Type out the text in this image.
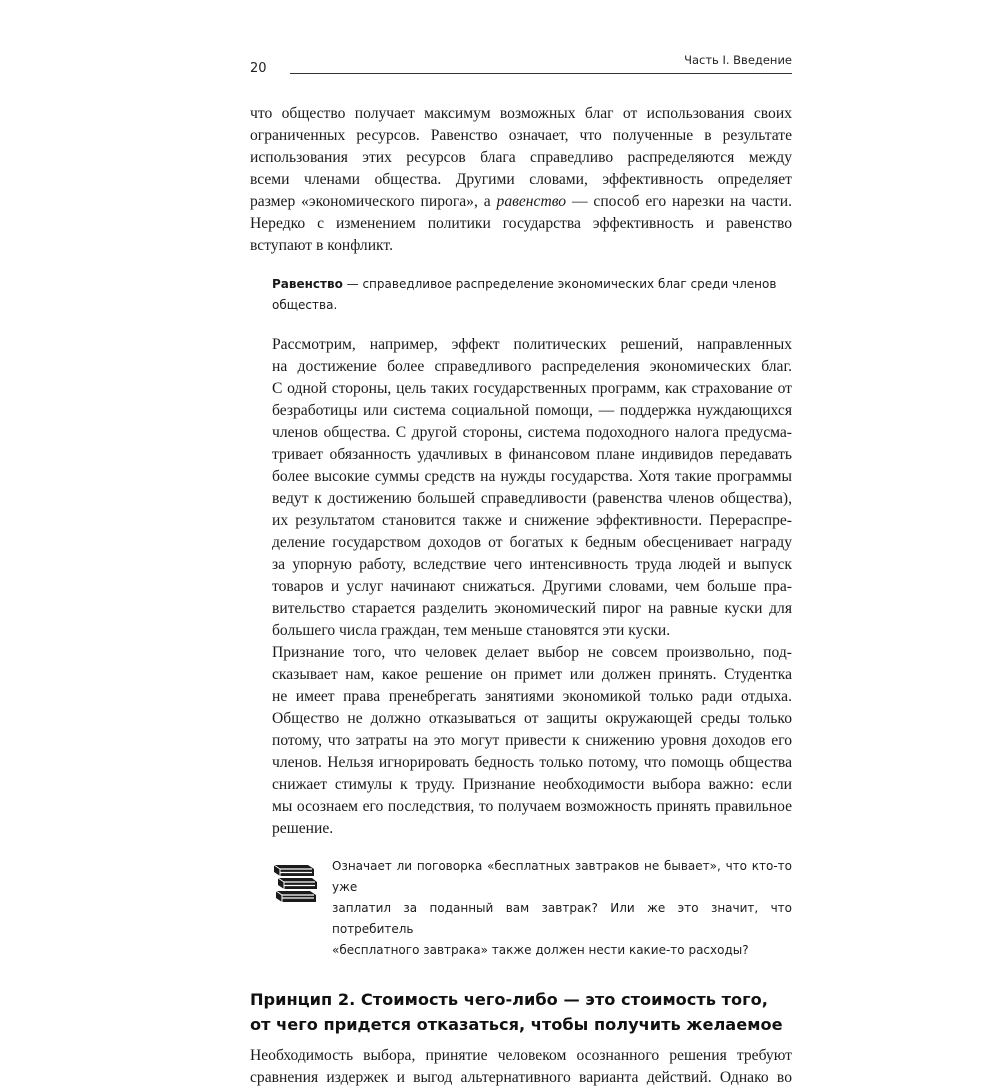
20
Часть I. Введение

что общество получает максимум возможных благ от использования своих
ограниченных ресурсов. Равенство означает, что полученные в результате
использования этих ресурсов блага справедливо распределяются между
всеми членами общества. Другими словами, эффективность определяет
размер «экономического пирога», а равенство — способ его нарезки на части.
Нередко с изменением политики государства эффективность и равенство
вступают в конфликт.

Равенство — справедливое распределение экономических благ среди членов
общества.

Рассмотрим, например, эффект политических решений, направленных
на достижение более справедливого распределения экономических благ.
С одной стороны, цель таких государственных программ, как страхование от
безработицы или система социальной помощи, — поддержка нуждающихся
членов общества. С другой стороны, система подоходного налога предусма-
тривает обязанность удачливых в финансовом плане индивидов передавать
более высокие суммы средств на нужды государства. Хотя такие программы
ведут к достижению большей справедливости (равенства членов общества),
их результатом становится также и снижение эффективности. Перераспре-
деление государством доходов от богатых к бедным обесценивает награду
за упорную работу, вследствие чего интенсивность труда людей и выпуск
товаров и услуг начинают снижаться. Другими словами, чем больше пра-
вительство старается разделить экономический пирог на равные куски для
большего числа граждан, тем меньше становятся эти куски.

Признание того, что человек делает выбор не совсем произвольно, под-
сказывает нам, какое решение он примет или должен принять. Студентка
не имеет права пренебрегать занятиями экономикой только ради отдыха.
Общество не должно отказываться от защиты окружающей среды только
потому, что затраты на это могут привести к снижению уровня доходов его
членов. Нельзя игнорировать бедность только потому, что помощь общества
снижает стимулы к труду. Признание необходимости выбора важно: если
мы осознаем его последствия, то получаем возможность принять правильное
решение.

Означает ли поговорка «бесплатных завтраков не бывает», что кто-то уже
заплатил за поданный вам завтрак? Или же это значит, что потребитель
«бесплатного завтрака» также должен нести какие-то расходы?

Принцип 2. Стоимость чего-либо — это стоимость того,
от чего придется отказаться, чтобы получить желаемое

Необходимость выбора, принятие человеком осознанного решения требуют
сравнения издержек и выгод альтернативного варианта действий. Однако во
